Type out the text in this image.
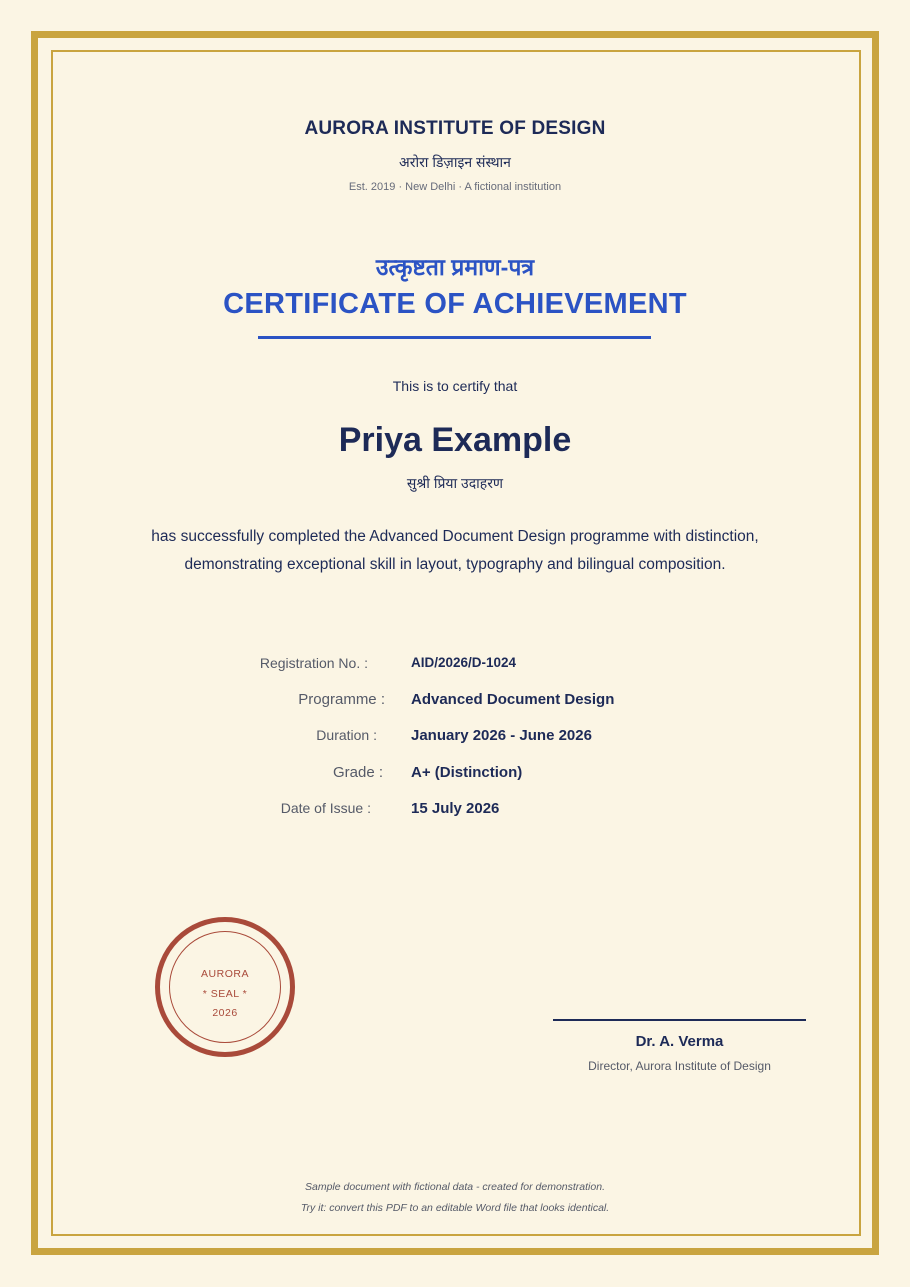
AURORA INSTITUTE OF DESIGN
अरोरा डिज़ाइन संस्थान
Est. 2019 · New Delhi · A fictional institution
उत्कृष्टता प्रमाण-पत्र
CERTIFICATE OF ACHIEVEMENT
This is to certify that
Priya Example
सुश्री प्रिया उदाहरण
has successfully completed the Advanced Document Design programme with distinction,
demonstrating exceptional skill in layout, typography and bilingual composition.
Registration No. :	AID/2026/D-1024
Programme : Advanced Document Design
Duration : January 2026 - June 2026
Grade : A+ (Distinction)
Date of Issue :	15 July 2026
AURORA
* SEAL *
2026
Dr. A. Verma
Director, Aurora Institute of Design
Sample document with fictional data - created for demonstration.
Try it: convert this PDF to an editable Word file that looks identical.
